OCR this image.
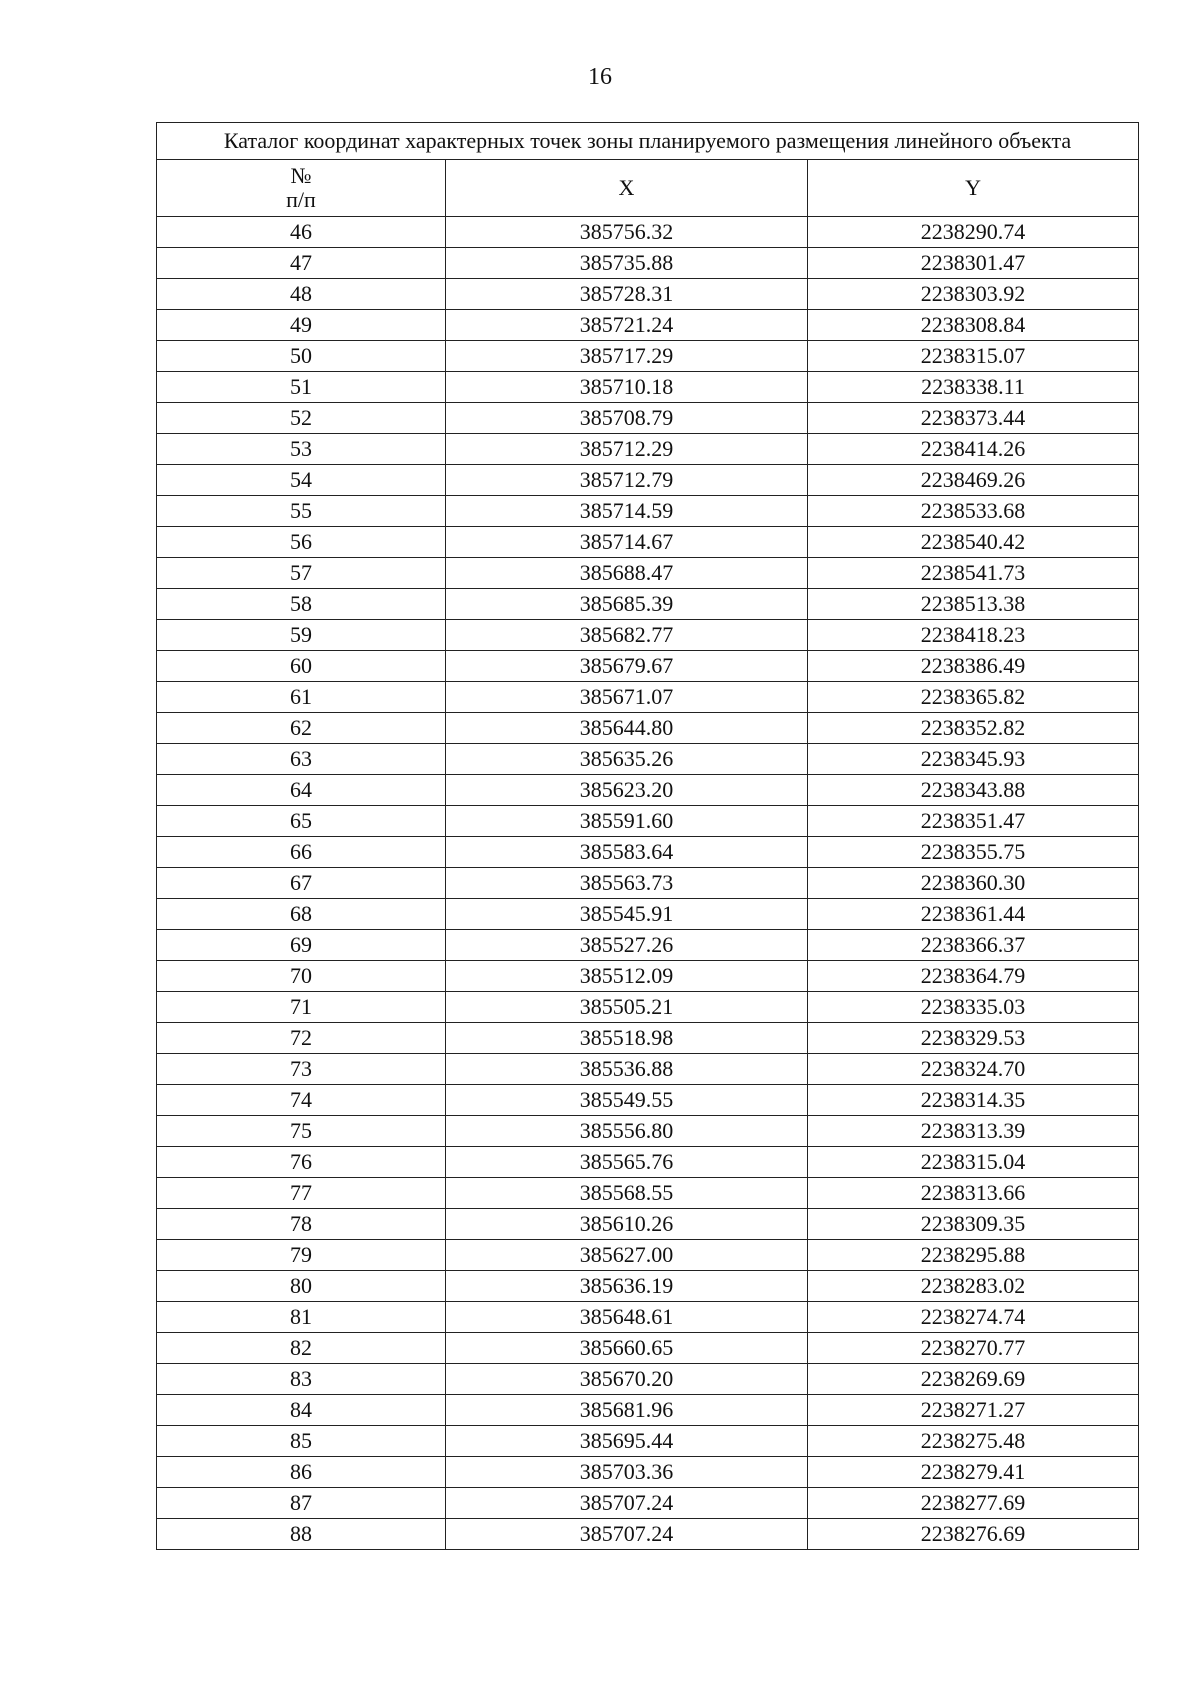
16
Каталог координат характерных точек зоны планируемого размещения линейного объекта		

№
п/п	X	Y
46	385756.32	2238290.74
47	385735.88	2238301.47
48	385728.31	2238303.92
49	385721.24	2238308.84
50	385717.29	2238315.07
51	385710.18	2238338.11
52	385708.79	2238373.44
53	385712.29	2238414.26
54	385712.79	2238469.26
55	385714.59	2238533.68
56	385714.67	2238540.42
57	385688.47	2238541.73
58	385685.39	2238513.38
59	385682.77	2238418.23
60	385679.67	2238386.49
61	385671.07	2238365.82
62	385644.80	2238352.82
63	385635.26	2238345.93
64	385623.20	2238343.88
65	385591.60	2238351.47
66	385583.64	2238355.75
67	385563.73	2238360.30
68	385545.91	2238361.44
69	385527.26	2238366.37
70	385512.09	2238364.79
71	385505.21	2238335.03
72	385518.98	2238329.53
73	385536.88	2238324.70
74	385549.55	2238314.35
75	385556.80	2238313.39
76	385565.76	2238315.04
77	385568.55	2238313.66
78	385610.26	2238309.35
79	385627.00	2238295.88
80	385636.19	2238283.02
81	385648.61	2238274.74
82	385660.65	2238270.77
83	385670.20	2238269.69
84	385681.96	2238271.27
85	385695.44	2238275.48
86	385703.36	2238279.41
87	385707.24	2238277.69
88	385707.24	2238276.69
